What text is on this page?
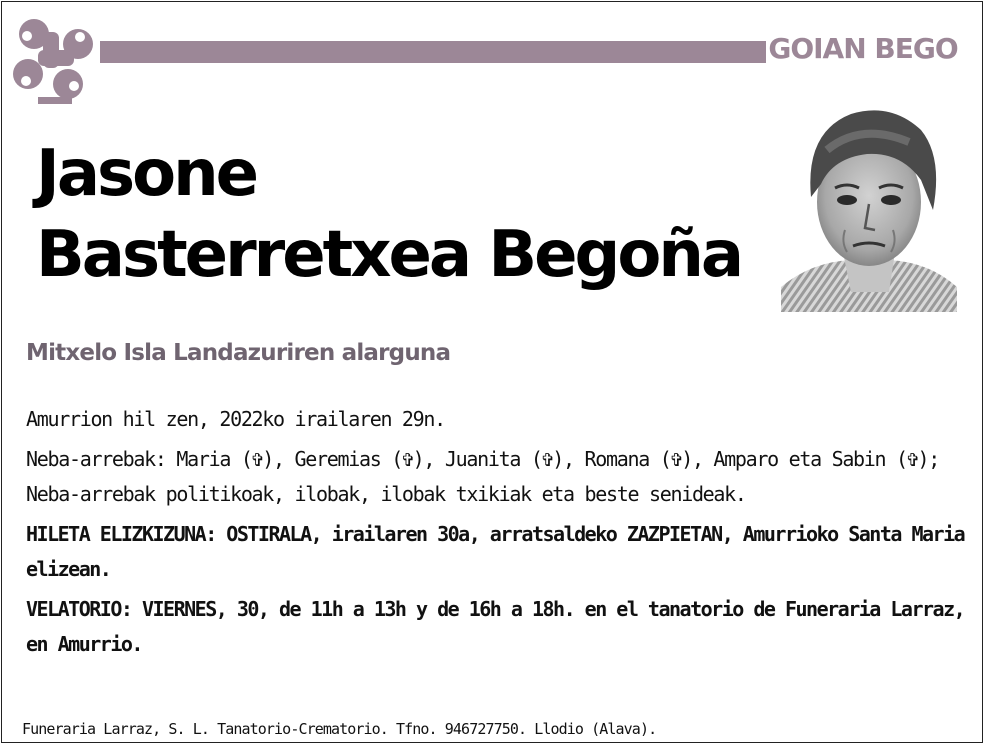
GOIAN BEGO
Jasone
Basterretxea Begoña
Mitxelo Isla Landazuriren alarguna

Amurrion hil zen, 2022ko irailaren 29n.

Neba-arrebak: Maria (✞), Geremias (✞), Juanita (✞), Romana (✞), Amparo eta Sabin (✞); Neba-arrebak politikoak, ilobak, ilobak txikiak eta beste senideak.

HILETA ELIZKIZUNA: OSTIRALA, irailaren 30a, arratsaldeko ZAZPIETAN, Amurrioko Santa Maria elizean.

VELATORIO: VIERNES, 30, de 11h a 13h y de 16h a 18h. en el tanatorio de Funeraria Larraz, en Amurrio.

Funeraria Larraz, S. L. Tanatorio-Crematorio. Tfno. 946727750. Llodio (Alava).
